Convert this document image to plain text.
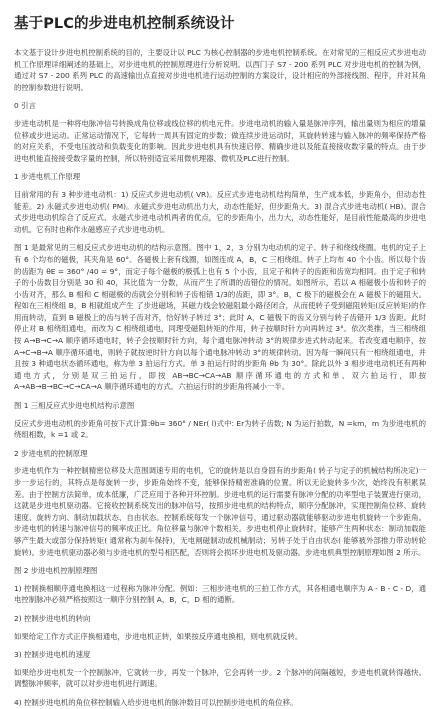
基于PLC的步进电机控制系统设计
本文基于设计步进电机控制系统的目的，主要设计以 PLC 为核心控制器的步进电机控制系统。在对常见的三相反应式步进电动机工作原理详细阐述的基础上，对步进电机的控制原理进行分析说明。以西门子 S7 - 200 系列 PLC 对步进电机的控制为例，通过对 S7 - 200 系列 PLC 的高速输出点直接对步进电机进行运动控制的方案设计，设计相应的外部接线图、程序，并对其角的控制参数进行说明。
0 引言
步进电动机是一种将电脉冲信号转换成角位移或线位移的机电元件。步进电动机的输入量是脉冲序列，输出量则为相应的增量位移或步进运动。正常运动情况下，它每转一周具有固定的步数；做连续步进运动时，其旋转转速与输入脉冲的频率保持严格的对应关系，不受电压波动和负载变化的影响。因此步进电机具有快速启停、精确步进以及能直接接收数字量的特点。由于步进电机能直接接受数字量的控制，所以特别适宜采用微机理器、微机及PLC进行控制。
1 步进电机工作原理
目前常用的有 3 种步进电动机：1) 反应式步进电动机( VR)。反应式步进电动机结构简单，生产成本低，步距角小，但动态性能差。2) 永磁式步进电动机( PM)。永磁式步进电动机出力大，动态性能好，但步距角大。3) 混合式步进电动机( HB)。混合式步进电动机综合了反应式、永磁式步进电动机两者的优点，它的步距角小，出力大，动态性能好，是目前性能最高的步进电动机。它有时也称作永磁感应子式步进电动机。
图 1 是最常见的三相反应式步进电动机的结构示意图。图中 1，2，3 分别为电动机的定子、转子和绕线绕圈。电机的定子上有 6 个均布的磁极，其夹角是 60°。各磁极上套有线圈，如图连成 A，B，C 三相绕组。转子上均布 40 个小齿。所以每个齿的齿距为 θE = 360° /40 = 9°，而定子每个磁极的极弧上也有 5 个小齿，且定子和转子的齿距和齿宽均相同。由于定子和转子的小齿数目分别是 30 和 40，其比值为一分数，从而产生了所谓的齿错位的情况。如图所示，若以 A 相磁极小齿和转子的小齿对齐，那么 B 相和 C 相磁极的齿就会分别和转子齿相错 1/3的齿距，即 3°。B，C 极下的磁极会在 A 磁极下的磁阻大。程如在三相绕组 B，B 相就组成产生 了步进磁场，其磁力线会较磁阻最小路径闭合，从而使转子受到磁阻转矩(反应转矩)的作用而转动，直到 B 磁极上的齿与转子齿对齐，恰好转子转过 3°；此时 A，C 磁极下的齿又分别与转子齿错开 1/3 齿距。此时停止对 B 相绕组通电，而改为 C 相绕组通电，同理受磁阻转矩的作用，转子按顺时针方向再转过 3°。依次类推，当三相绕组按 A→B→C→A 顺序循环通电时，转子会按顺时针方向，每个通电脉冲转动 3°的规律步进式转动起来。若改变通电顺序，按 A→C→B→A 顺序循环通电，则转子就按逆时针方向以每个通电脉冲转动 3°的规律转动。因为每一瞬间只有一相绕组通电，并且按 3 种通电状态循环通电，称为单 3 拍运行方式。单 3 拍运行时的步距角 θb 为 30°。除此以外 3 相步进电动机还有两种通电方式，分别是双三拍运行，即按 AB→BC→CA→AB 顺序循环通电的方式和单、双六拍运行，即按 A→AB→B→BC→C→CA→A 顺序循环通电的方式。六拍运行时的步距角将减小一半。
图 1 三相反应式步进电机结构示意图
反应式步进电动机的步距角可按下式计算:θb= 360° / NEr( l)式中: Er为转子齿数; N 为运行拍数，N =km，m 为步进电机的绕组相数，k =1 或 2。
2 步进电机的控制原理
步进电机作为一种控制精密位移及大范围调速专用的电机，它的旋转是以自身固有的步距角( 转子与定子的机械结构所决定)一步一步运行的，其特点是每旋转一步，步距角始终不变，能够保持精密准确的位置。所以无论旋转多少次，始终没有积累误差。由于控制方法简单，成本低廉，广泛应用于各种开环控制。步进电机的运行需要有脉冲分配的功率型电子装置进行驱动，这就是步进电机驱动器。它接收控制系统发出的脉冲信号，按照步进电机的结构特点，顺序分配脉冲，实现控制角位移、旋转速度、旋转方向、制动加载状态、自由状态。控制系统每发一个脉冲信号，通过驱动器就能够驱动步进电机旋转一个步距角。步进电机的转速与脉冲信号的频率成正比。角位移量与脉冲个数相关。步进电机停止旋转时，能够产生两种状态：制动加载能够产生最大或部分保持转矩( 通常称为刹车保持)，无电闸磁制动或机械制动；另转子处于自由状态( 能够被外部推力带动转轮旋转)。步进电机驱动器必须与步进电机的型号相匹配，否则将会损坏步进电机及驱动器。步进电机典型控制原理如图 2 所示。
图 2 步进电机控制原理图
1) 控制换相顺序通电换相这一过程称为脉冲分配。例如：三相步进电机的三拍工作方式，其各相通电顺序为 A - B - C - D，通电控制脉冲必须严格按照这一顺序分别控制 A，B，C，D 相的通断。
2) 控制步进电机的转向
如果给定工作方式正序换相通电，步进电机正转，如果按反序通电换相，则电机就反转。
3) 控制步进电机的速度
如果给步进电机发一个控制脉冲，它就转一步，再发一个脉冲，它会再转一步。2 个脉冲的间隔越短，步进电机就转得越快。调整脉冲频率，就可以对步进电机进行调速。
4) 控制步进电机的角位移控制输入给步进电机的脉冲数目可以控制步进电机的角位移。
